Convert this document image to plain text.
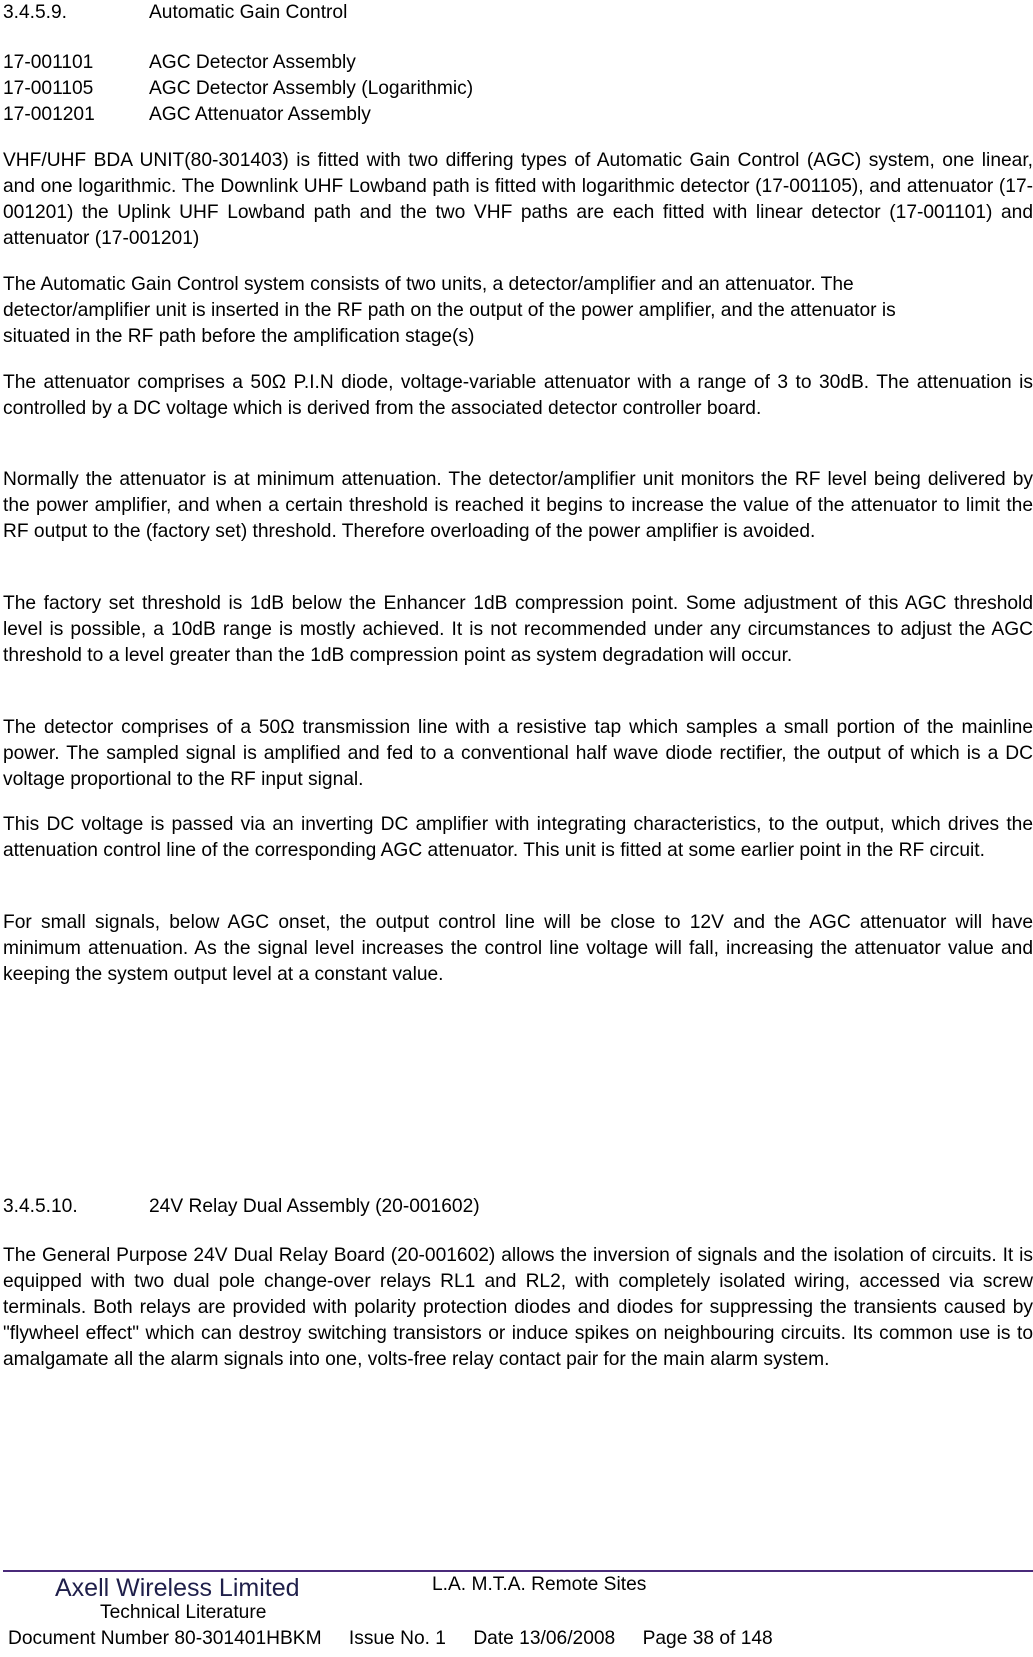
3.4.5.9.	Automatic Gain Control
17-001101	AGC Detector Assembly
17-001105	AGC Detector Assembly (Logarithmic)
17-001201	AGC Attenuator Assembly
VHF/UHF BDA UNIT(80-301403) is fitted with two differing types of Automatic Gain Control (AGC) system, one linear, and one logarithmic. The Downlink UHF Lowband path is fitted with logarithmic detector (17-001105), and attenuator (17-001201) the Uplink UHF Lowband path and the two VHF paths are each fitted with linear detector (17-001101) and attenuator (17-001201)
The Automatic Gain Control system consists of two units, a detector/amplifier and an attenuator. The detector/amplifier unit is inserted in the RF path on the output of the power amplifier, and the attenuator is situated in the RF path before the amplification stage(s)
The attenuator comprises a 50Ω P.I.N diode, voltage-variable attenuator with a range of 3 to 30dB. The attenuation is controlled by a DC voltage which is derived from the associated detector controller board.
Normally the attenuator is at minimum attenuation. The detector/amplifier unit monitors the RF level being delivered by the power amplifier, and when a certain threshold is reached it begins to increase the value of the attenuator to limit the RF output to the (factory set) threshold. Therefore overloading of the power amplifier is avoided.
The factory set threshold is 1dB below the Enhancer 1dB compression point. Some adjustment of this AGC threshold level is possible, a 10dB range is mostly achieved. It is not recommended under any circumstances to adjust the AGC threshold to a level greater than the 1dB compression point as system degradation will occur.
The detector comprises of a 50Ω transmission line with a resistive tap which samples a small portion of the mainline power. The sampled signal is amplified and fed to a conventional half wave diode rectifier, the output of which is a DC voltage proportional to the RF input signal.
This DC voltage is passed via an inverting DC amplifier with integrating characteristics, to the output, which drives the attenuation control line of the corresponding AGC attenuator. This unit is fitted at some earlier point in the RF circuit.
For small signals, below AGC onset, the output control line will be close to 12V and the AGC attenuator will have minimum attenuation. As the signal level increases the control line voltage will fall, increasing the attenuator value and keeping the system output level at a constant value.
3.4.5.10.	24V Relay Dual Assembly (20-001602)
The General Purpose 24V Dual Relay Board (20-001602) allows the inversion of signals and the isolation of circuits. It is equipped with two dual pole change-over relays RL1 and RL2, with completely isolated wiring, accessed via screw terminals. Both relays are provided with polarity protection diodes and diodes for suppressing the transients caused by "flywheel effect" which can destroy switching transistors or induce spikes on neighbouring circuits. Its common use is to amalgamate all the alarm signals into one, volts-free relay contact pair for the main alarm system.
Axell Wireless Limited	L.A. M.T.A. Remote Sites
Technical Literature
Document Number 80-301401HBKM Issue No. 1 Date 13/06/2008 Page 38 of 148
